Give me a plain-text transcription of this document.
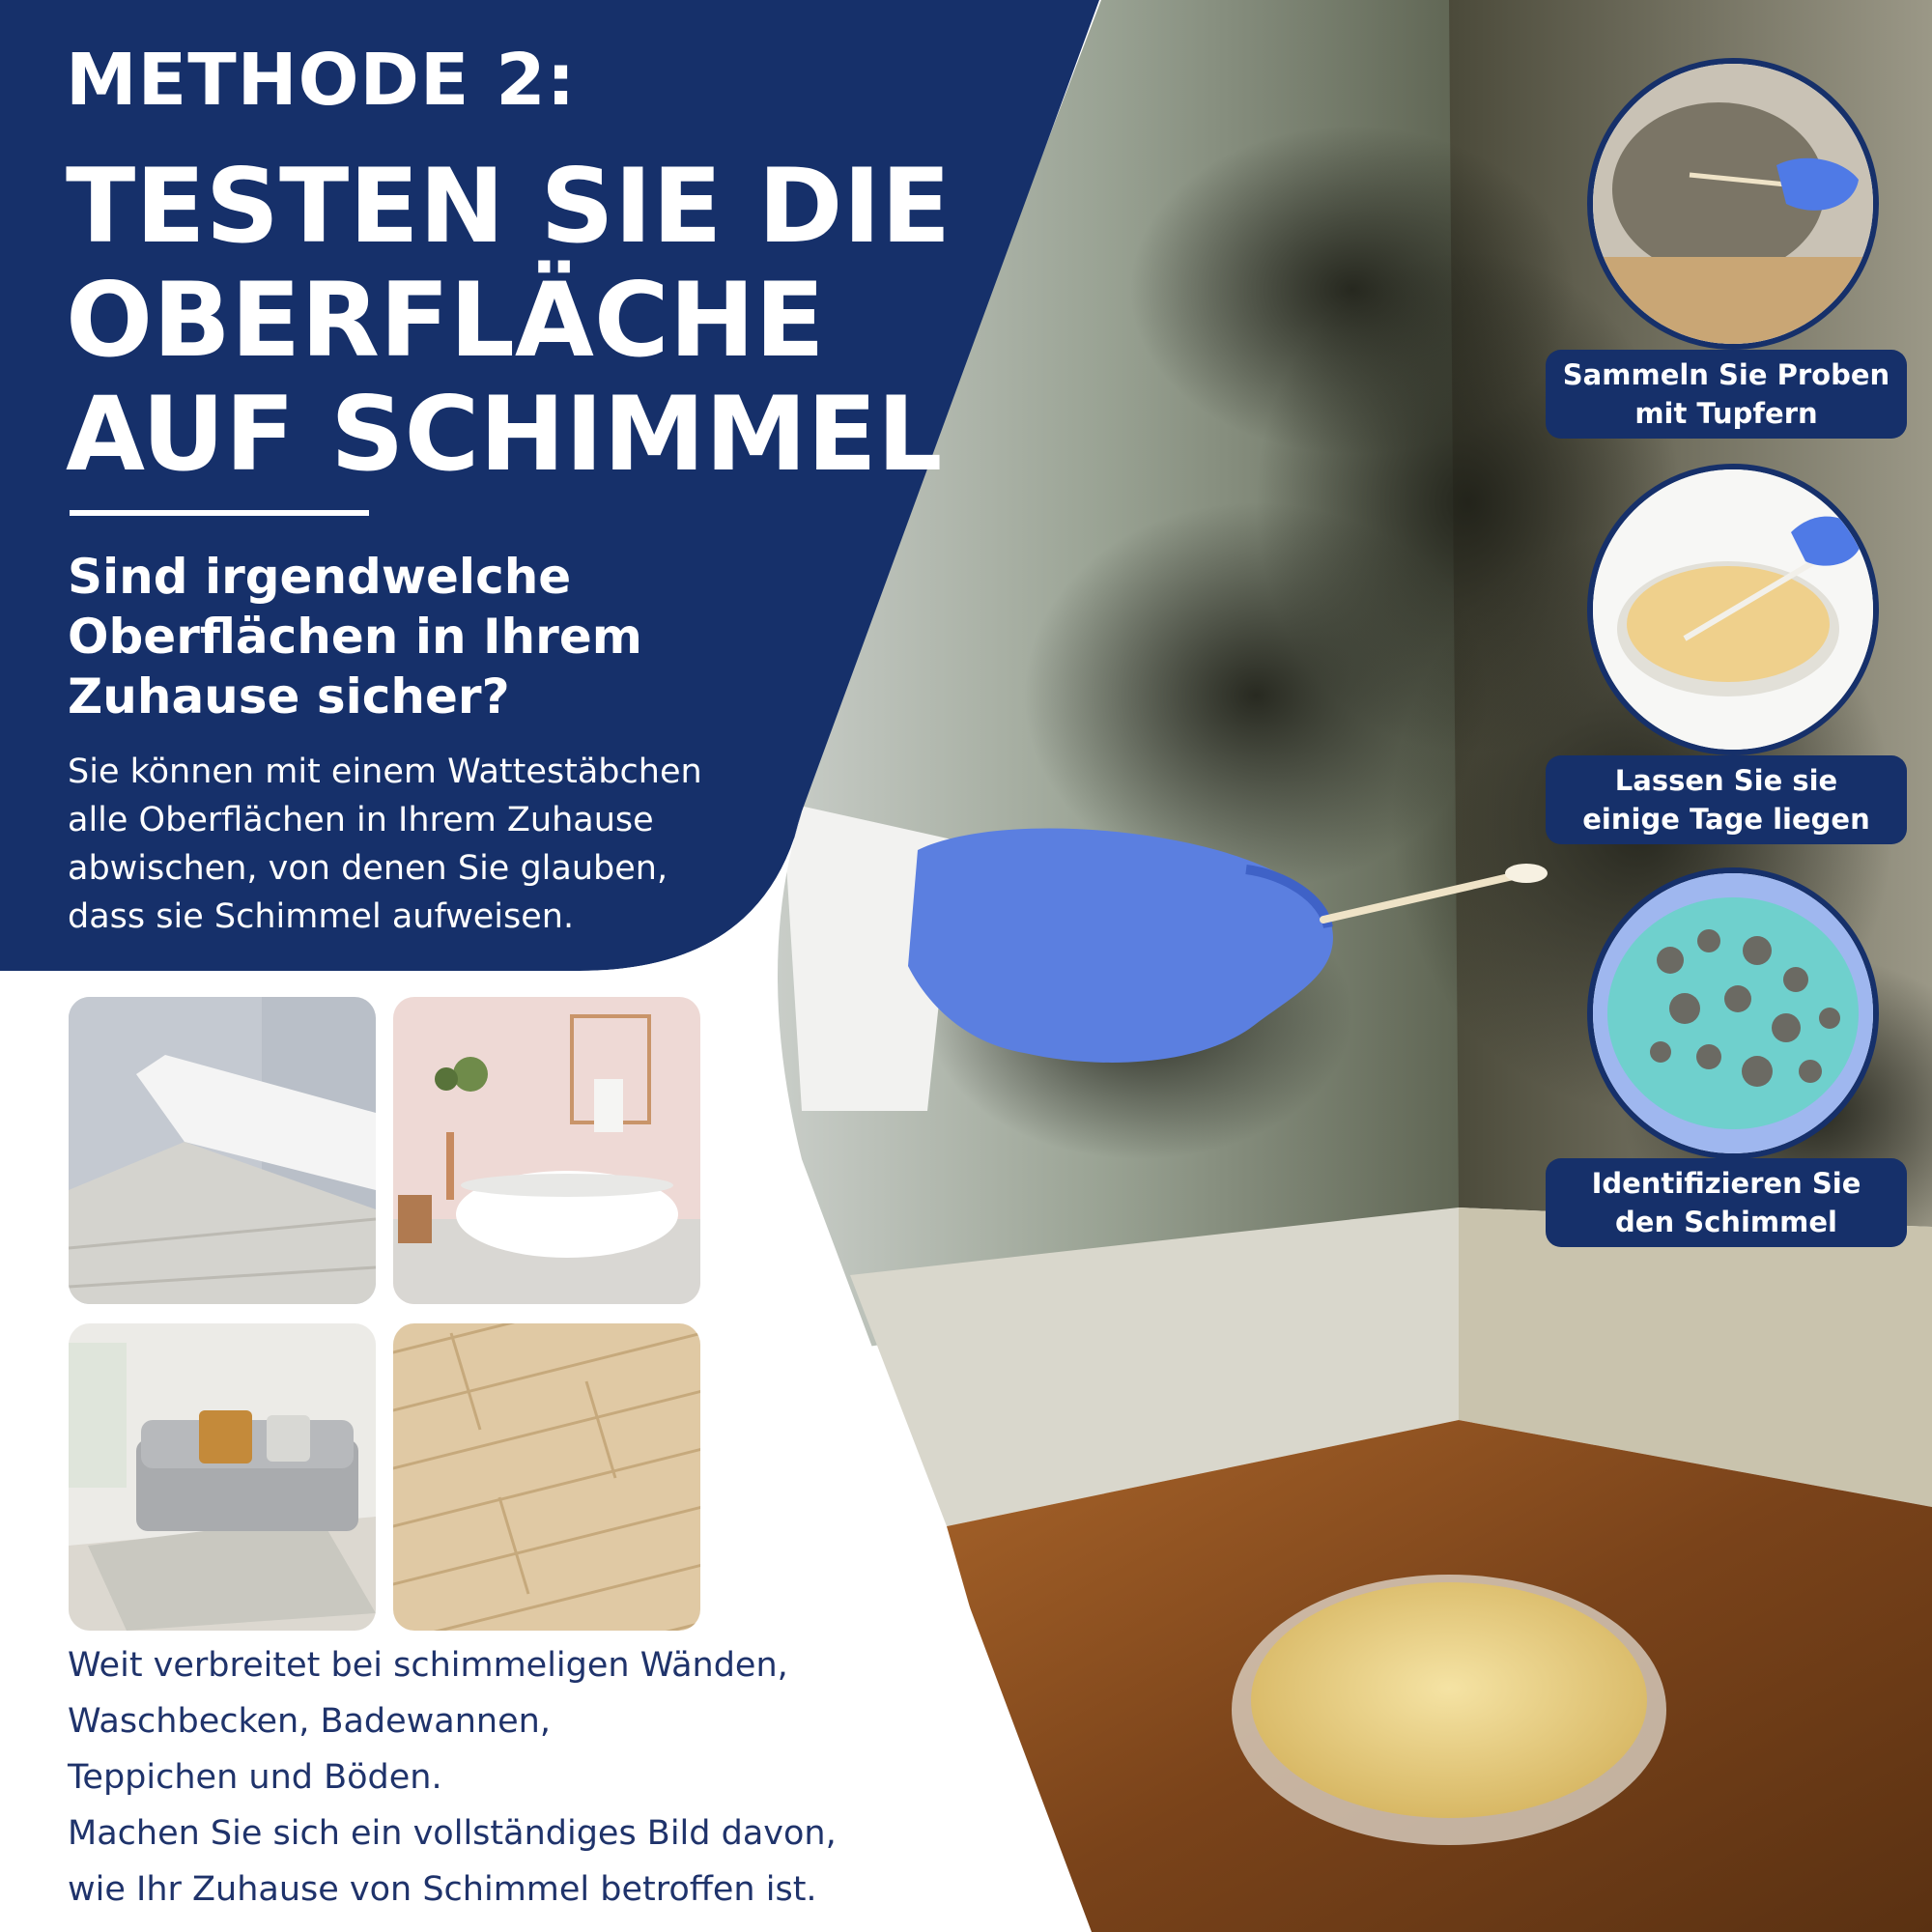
METHODE 2:
TESTEN SIE DIE
OBERFLÄCHE
AUF SCHIMMEL
Sind irgendwelche
Oberflächen in Ihrem
Zuhause sicher?
Sie können mit einem Wattestäbchen
alle Oberflächen in Ihrem Zuhause
abwischen, von denen Sie glauben,
dass sie Schimmel aufweisen.
Weit verbreitet bei schimmeligen Wänden,
Waschbecken, Badewannen,
Teppichen und Böden.
Machen Sie sich ein vollständiges Bild davon,
wie Ihr Zuhause von Schimmel betroffen ist.
Sammeln Sie Proben
mit Tupfern
Lassen Sie sie
einige Tage liegen
Identifizieren Sie
den Schimmel
